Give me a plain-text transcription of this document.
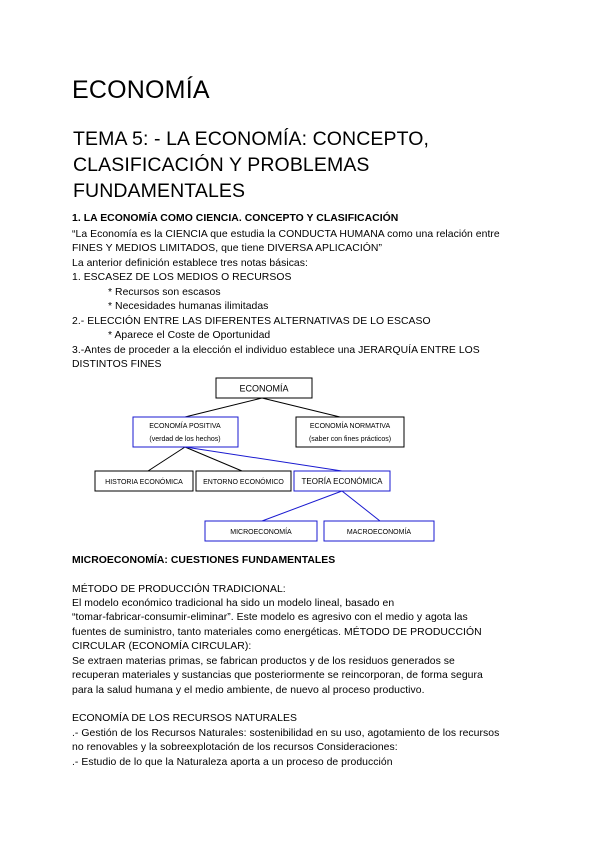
ECONOMÍA
TEMA 5: - LA ECONOMÍA: CONCEPTO,
CLASIFICACIÓN Y PROBLEMAS
FUNDAMENTALES
1. LA ECONOMÍA COMO CIENCIA. CONCEPTO Y CLASIFICACIÓN
“La Economía es la CIENCIA que estudia la CONDUCTA HUMANA como una relación entre
FINES Y MEDIOS LIMITADOS, que tiene DIVERSA APLICACIÓN”
La anterior definición establece tres notas básicas:
1. ESCASEZ DE LOS MEDIOS O RECURSOS
* Recursos son escasos
* Necesidades humanas ilimitadas
2.- ELECCIÓN ENTRE LAS DIFERENTES ALTERNATIVAS DE LO ESCASO
* Aparece el Coste de Oportunidad
3.-Antes de proceder a la elección el individuo establece una JERARQUÍA ENTRE LOS
DISTINTOS FINES
ECONOMÍA
ECONOMÍA POSITIVA
(verdad de los hechos)
ECONOMÍA NORMATIVA
(saber con fines prácticos)
HISTORIA ECONÓMICA	ENTORNO ECONÓMICO TEORÍA ECONÓMICA
MICROECONOMÍA	MACROECONOMÍA
MICROECONOMÍA: CUESTIONES FUNDAMENTALES
MÉTODO DE PRODUCCIÓN TRADICIONAL:
El modelo económico tradicional ha sido un modelo lineal, basado en
“tomar-fabricar-consumir-eliminar”. Este modelo es agresivo con el medio y agota las
fuentes de suministro, tanto materiales como energéticas. MÉTODO DE PRODUCCIÓN
CIRCULAR (ECONOMÍA CIRCULAR):
Se extraen materias primas, se fabrican productos y de los residuos generados se
recuperan materiales y sustancias que posteriormente se reincorporan, de forma segura
para la salud humana y el medio ambiente, de nuevo al proceso productivo.
ECONOMÍA DE LOS RECURSOS NATURALES
.- Gestión de los Recursos Naturales: sostenibilidad en su uso, agotamiento de los recursos
no renovables y la sobreexplotación de los recursos Consideraciones:
.- Estudio de lo que la Naturaleza aporta a un proceso de producción
